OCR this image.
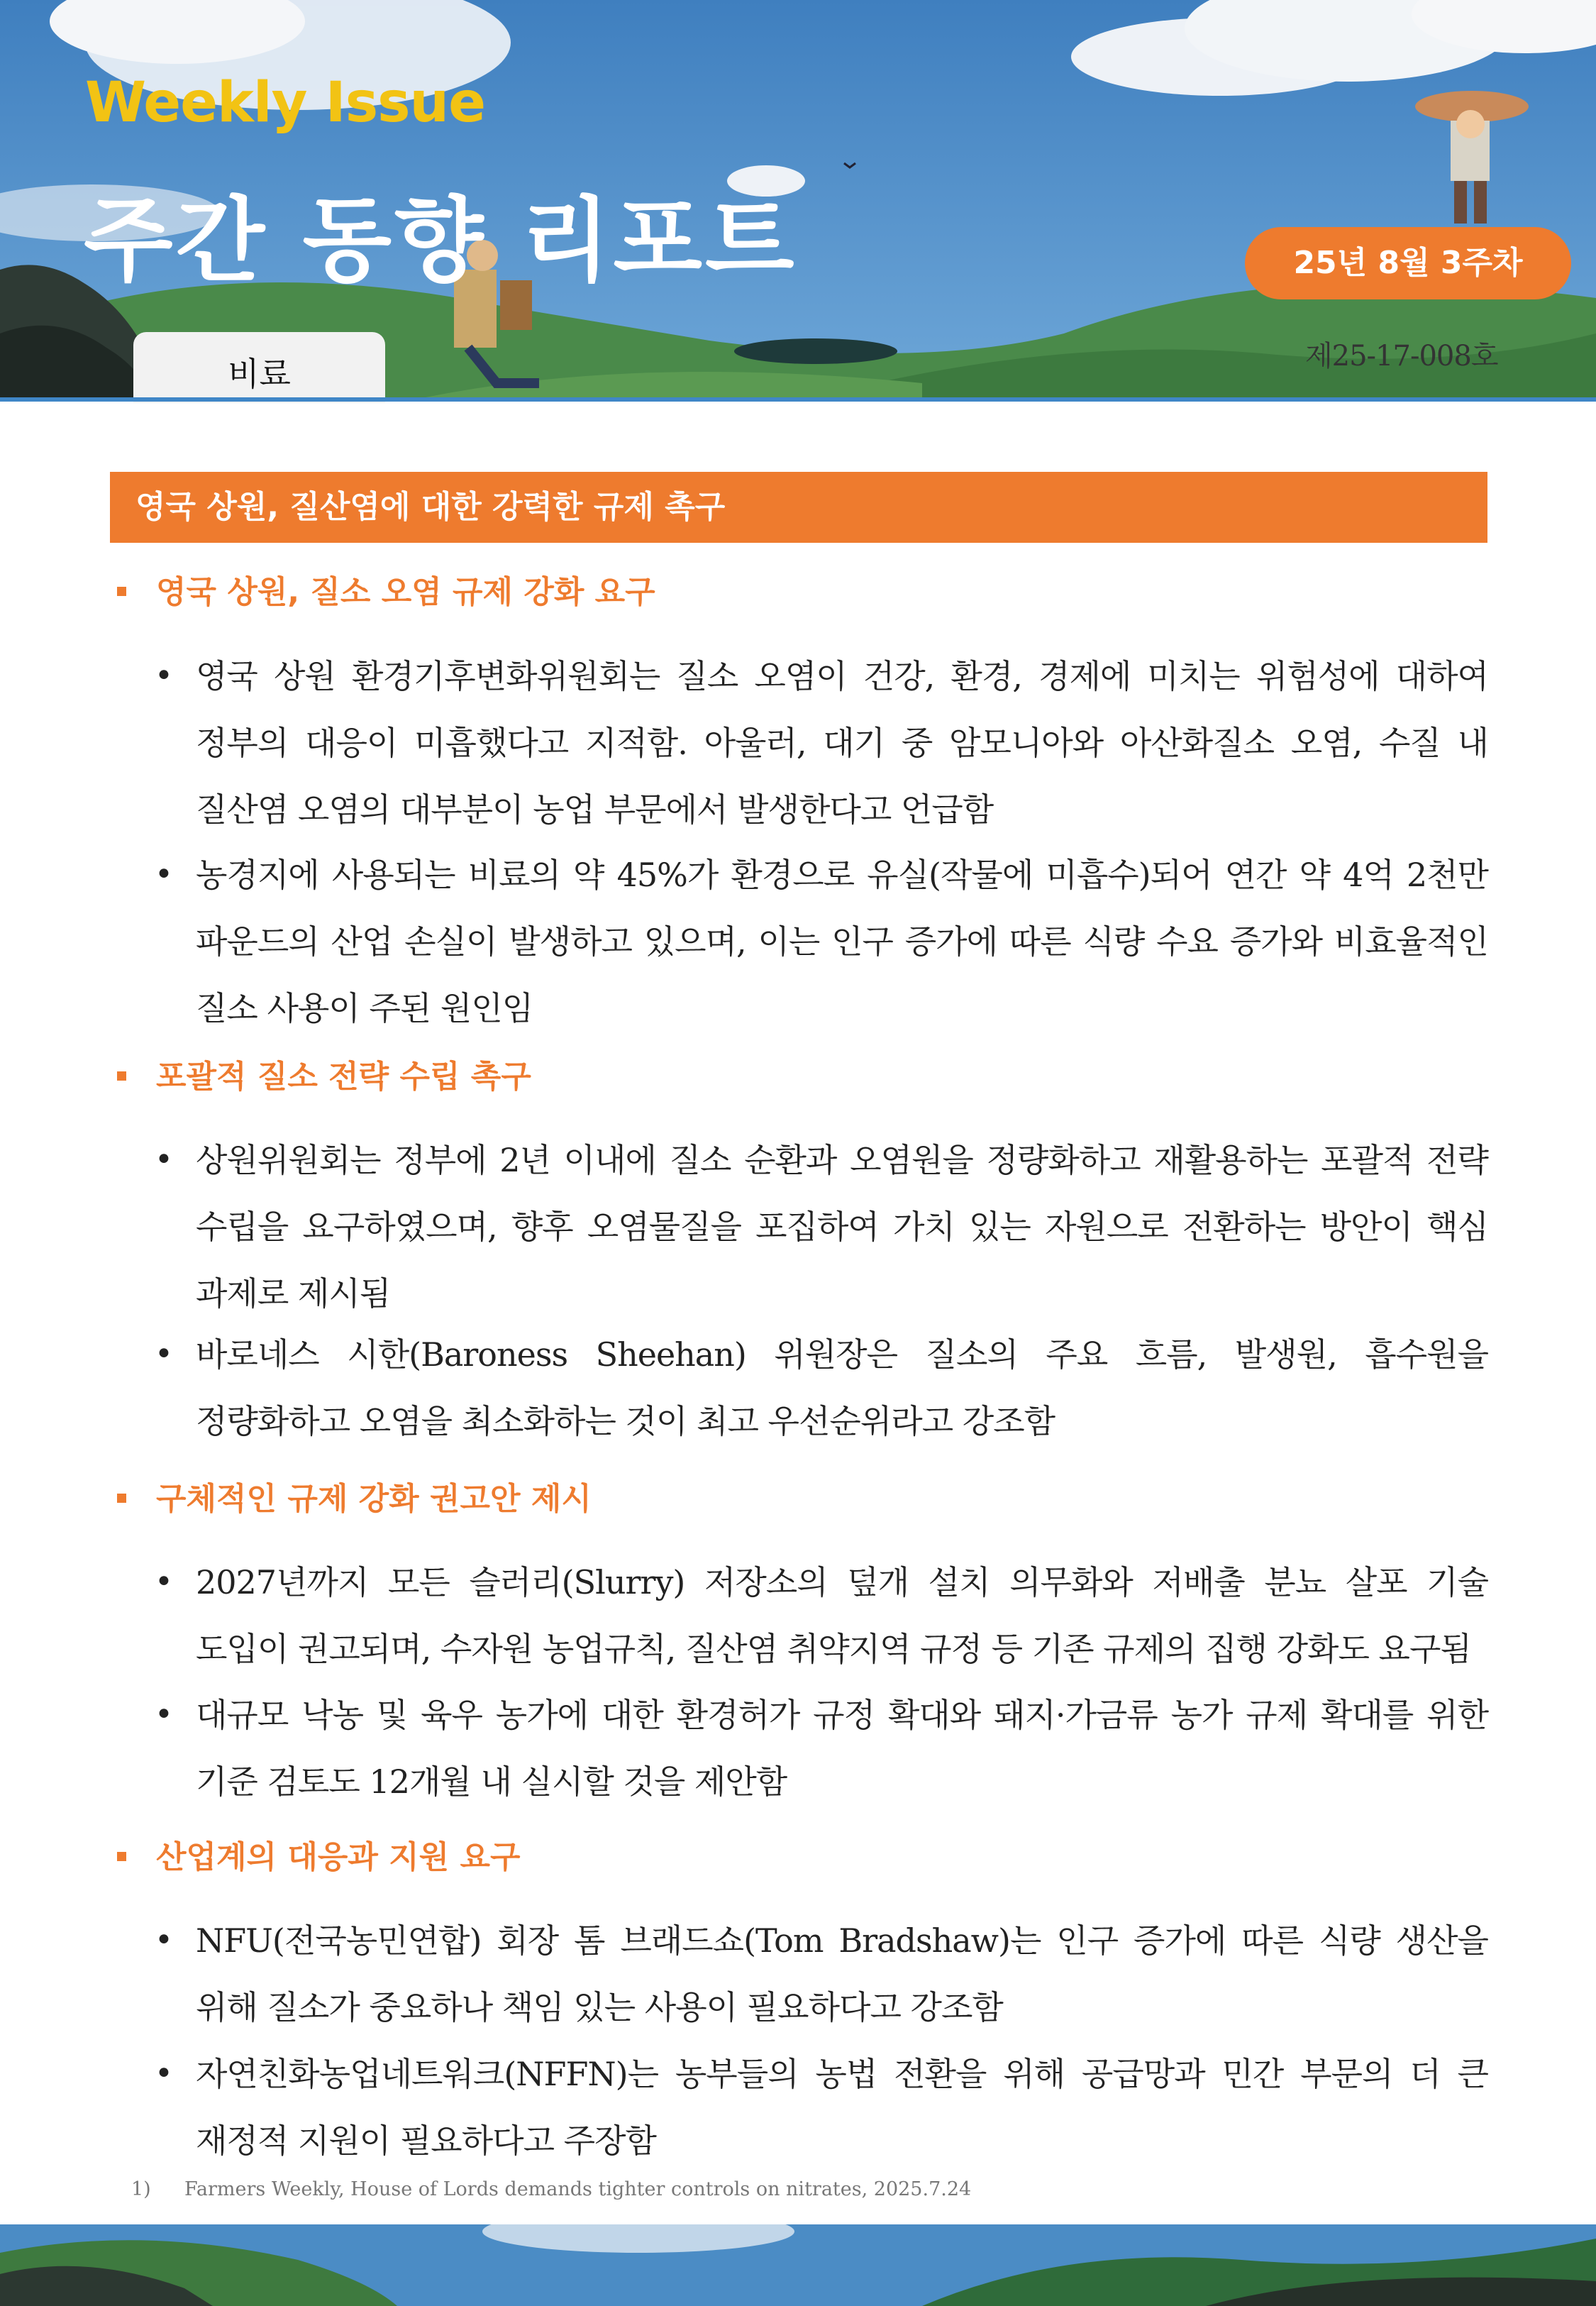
Weekly Issue
주간 동향 리포트	25년 8월 3주차
제25-17-008호
비료
영국 상원, 질산염에 대한 강력한 규제 촉구
영국 상원, 질소 오염 규제 강화 요구
• 영국 상원 환경기후변화위원회는 질소 오염이 건강, 환경, 경제에 미치는 위험성에 대하여 정부의 대응이 미흡했다고 지적함. 아울러, 대기 중 암모니아와 아산화질소 오염, 수질 내 질산염 오염의 대부분이 농업 부문에서 발생한다고 언급함
• 농경지에 사용되는 비료의 약 45%가 환경으로 유실(작물에 미흡수)되어 연간 약 4억 2천만 파운드의 산업 손실이 발생하고 있으며, 이는 인구 증가에 따른 식량 수요 증가와 비효율적인 질소 사용이 주된 원인임
포괄적 질소 전략 수립 촉구
• 상원위원회는 정부에 2년 이내에 질소 순환과 오염원을 정량화하고 재활용하는 포괄적 전략 수립을 요구하였으며, 향후 오염물질을 포집하여 가치 있는 자원으로 전환하는 방안이 핵심 과제로 제시됨
• 바로네스 시한(Baroness Sheehan) 위원장은 질소의 주요 흐름, 발생원, 흡수원을 정량화하고 오염을 최소화하는 것이 최고 우선순위라고 강조함
구체적인 규제 강화 권고안 제시
• 2027년까지 모든 슬러리(Slurry) 저장소의 덮개 설치 의무화와 저배출 분뇨 살포 기술 도입이 권고되며, 수자원 농업규칙, 질산염 취약지역 규정 등 기존 규제의 집행 강화도 요구됨
• 대규모 낙농 및 육우 농가에 대한 환경허가 규정 확대와 돼지·가금류 농가 규제 확대를 위한 기준 검토도 12개월 내 실시할 것을 제안함
산업계의 대응과 지원 요구
• NFU(전국농민연합) 회장 톰 브래드쇼(Tom Bradshaw)는 인구 증가에 따른 식량 생산을 위해 질소가 중요하나 책임 있는 사용이 필요하다고 강조함
• 자연친화농업네트워크(NFFN)는 농부들의 농법 전환을 위해 공급망과 민간 부문의 더 큰 재정적 지원이 필요하다고 주장함
1) Farmers Weekly, House of Lords demands tighter controls on nitrates, 2025.7.24
